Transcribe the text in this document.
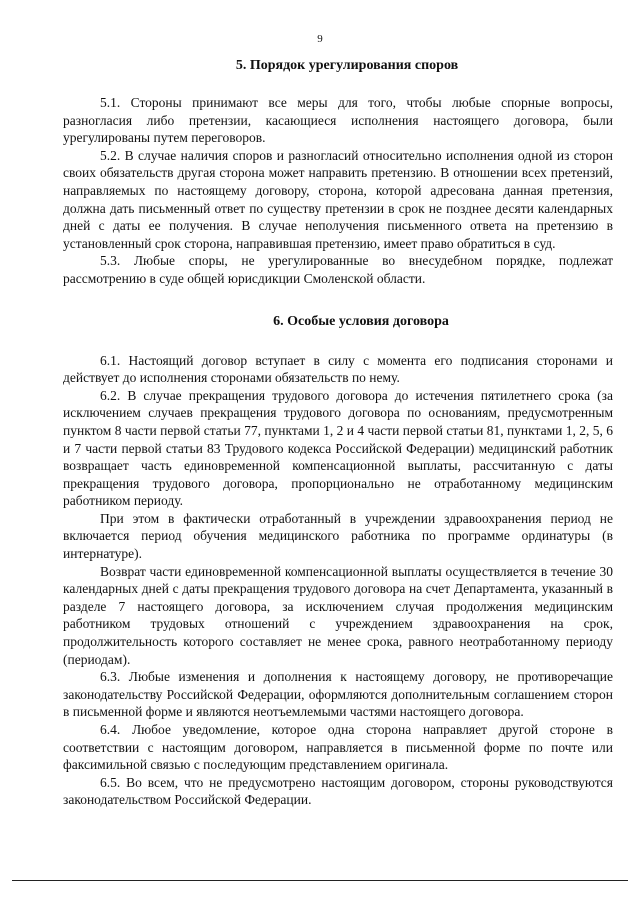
9
5. Порядок урегулирования споров

5.1. Стороны принимают все меры для того, чтобы любые спорные вопросы, разногласия либо претензии, касающиеся исполнения настоящего договора, были урегулированы путем переговоров.

5.2. В случае наличия споров и разногласий относительно исполнения одной из сторон своих обязательств другая сторона может направить претензию. В отношении всех претензий, направляемых по настоящему договору, сторона, которой адресована данная претензия, должна дать письменный ответ по существу претензии в срок не позднее десяти календарных дней с даты ее получения. В случае неполучения письменного ответа на претензию в установленный срок сторона, направившая претензию, имеет право обратиться в суд.

5.3. Любые споры, не урегулированные во внесудебном порядке, подлежат рассмотрению в суде общей юрисдикции Смоленской области.

6. Особые условия договора

6.1. Настоящий договор вступает в силу с момента его подписания сторонами и действует до исполнения сторонами обязательств по нему.

6.2. В случае прекращения трудового договора до истечения пятилетнего срока (за исключением случаев прекращения трудового договора по основаниям, предусмотренным пунктом 8 части первой статьи 77, пунктами 1, 2 и 4 части первой статьи 81, пунктами 1, 2, 5, 6 и 7 части первой статьи 83 Трудового кодекса Российской Федерации) медицинский работник возвращает часть единовременной компенсационной выплаты, рассчитанную с даты прекращения трудового договора, пропорционально не отработанному медицинским работником периоду.

При этом в фактически отработанный в учреждении здравоохранения период не включается период обучения медицинского работника по программе ординатуры (в интернатуре).

Возврат части единовременной компенсационной выплаты осуществляется в течение 30 календарных дней с даты прекращения трудового договора на счет Департамента, указанный в разделе 7 настоящего договора, за исключением случая продолжения медицинским работником трудовых отношений с учреждением здравоохранения на срок, продолжительность которого составляет не менее срока, равного неотработанному периоду (периодам).

6.3. Любые изменения и дополнения к настоящему договору, не противоречащие законодательству Российской Федерации, оформляются дополнительным соглашением сторон в письменной форме и являются неотъемлемыми частями настоящего договора.

6.4. Любое уведомление, которое одна сторона направляет другой стороне в соответствии с настоящим договором, направляется в письменной форме по почте или факсимильной связью с последующим представлением оригинала.

6.5. Во всем, что не предусмотрено настоящим договором, стороны руководствуются законодательством Российской Федерации.
